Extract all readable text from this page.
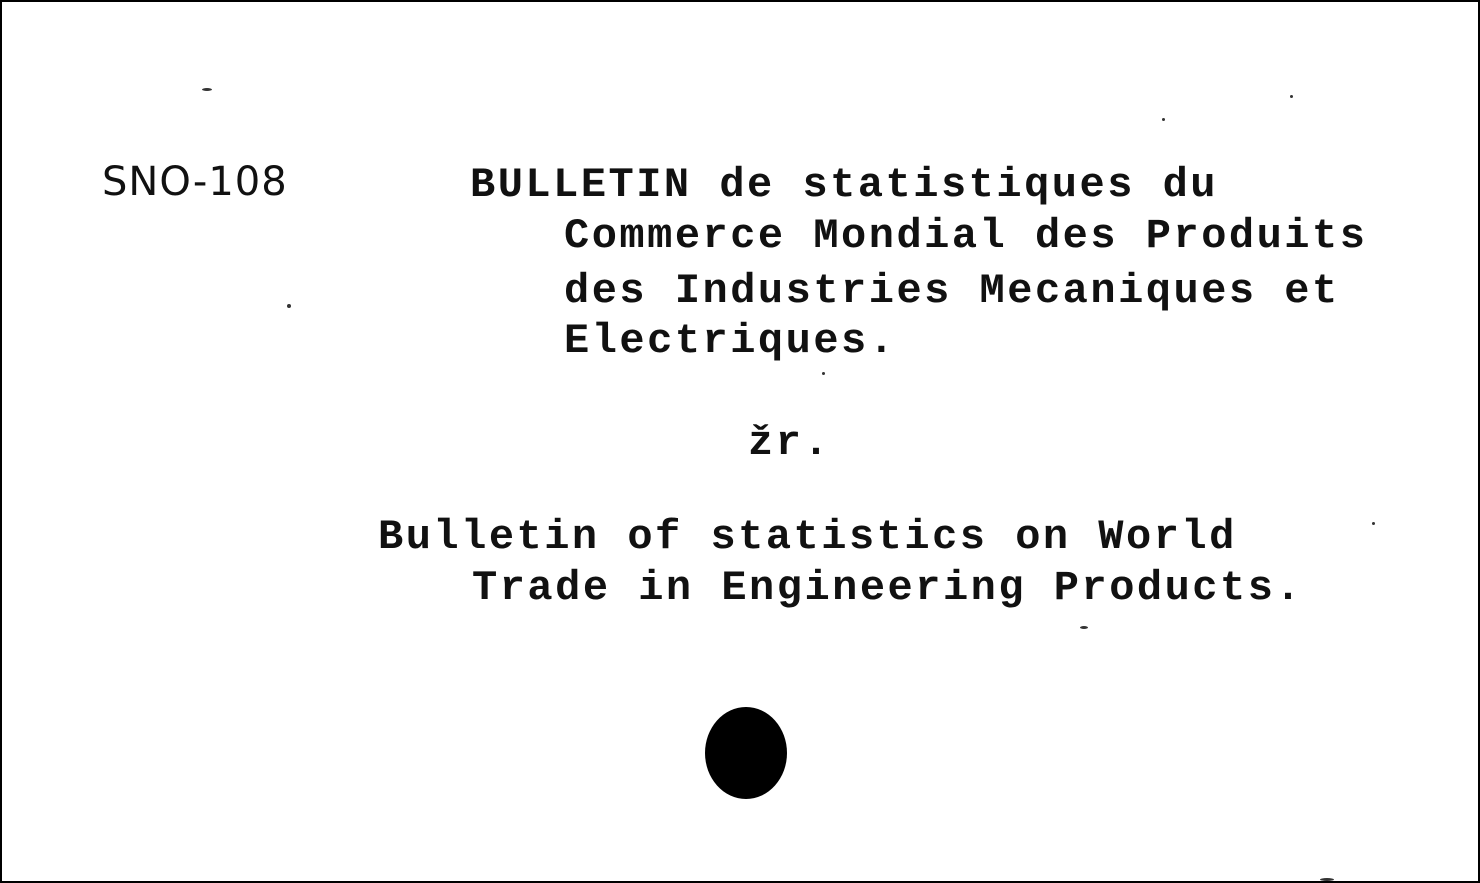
SNO-108	BULLETIN de statistiques du
Commerce Mondial des Produits
des Industries Mecaniques et
Electriques.
žr.
Bulletin of statistics on World
Trade in Engineering Products.
